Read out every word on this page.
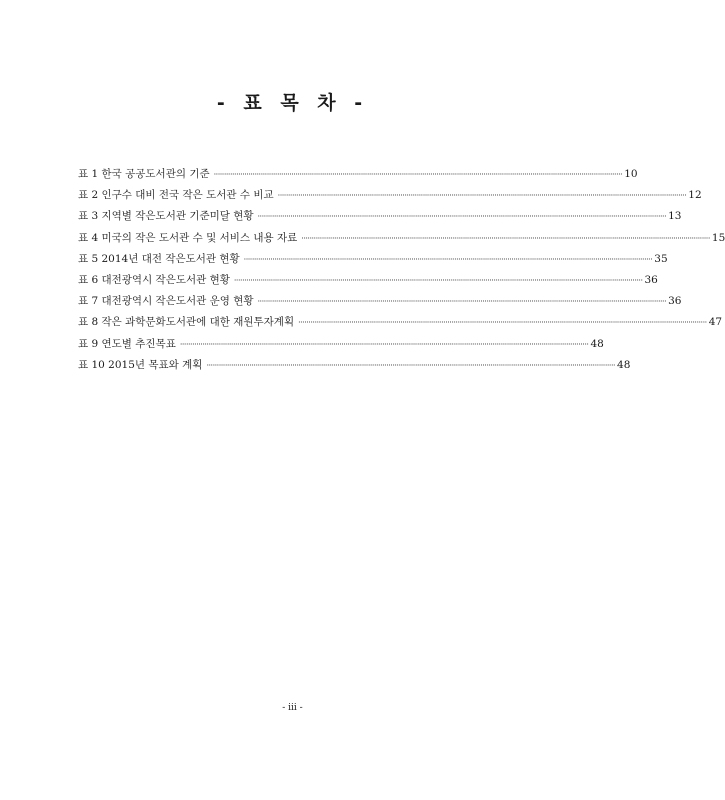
- 표 목 차 -
표 1 한국 공공도서관의 기준 ········································································································································································································ 10
표 2 인구수 대비 전국 작은 도서관 수 비교 ········································································································································································································ 12
표 3 지역별 작은도서관 기준미달 현황 ········································································································································································································ 13
표 4 미국의 작은 도서관 수 및 서비스 내용 자료 ········································································································································································································ 15
표 5 2014년 대전 작은도서관 현황 ········································································································································································································ 35
표 6 대전광역시 작은도서관 현황 ········································································································································································································ 36
표 7 대전광역시 작은도서관 운영 현황 ········································································································································································································ 36
표 8 작은 과학문화도서관에 대한 재원투자계획 ········································································································································································································ 47
표 9 연도별 추진목표 ········································································································································································································ 48
표 10 2015년 목표와 계획 ········································································································································································································ 48
- iii -
